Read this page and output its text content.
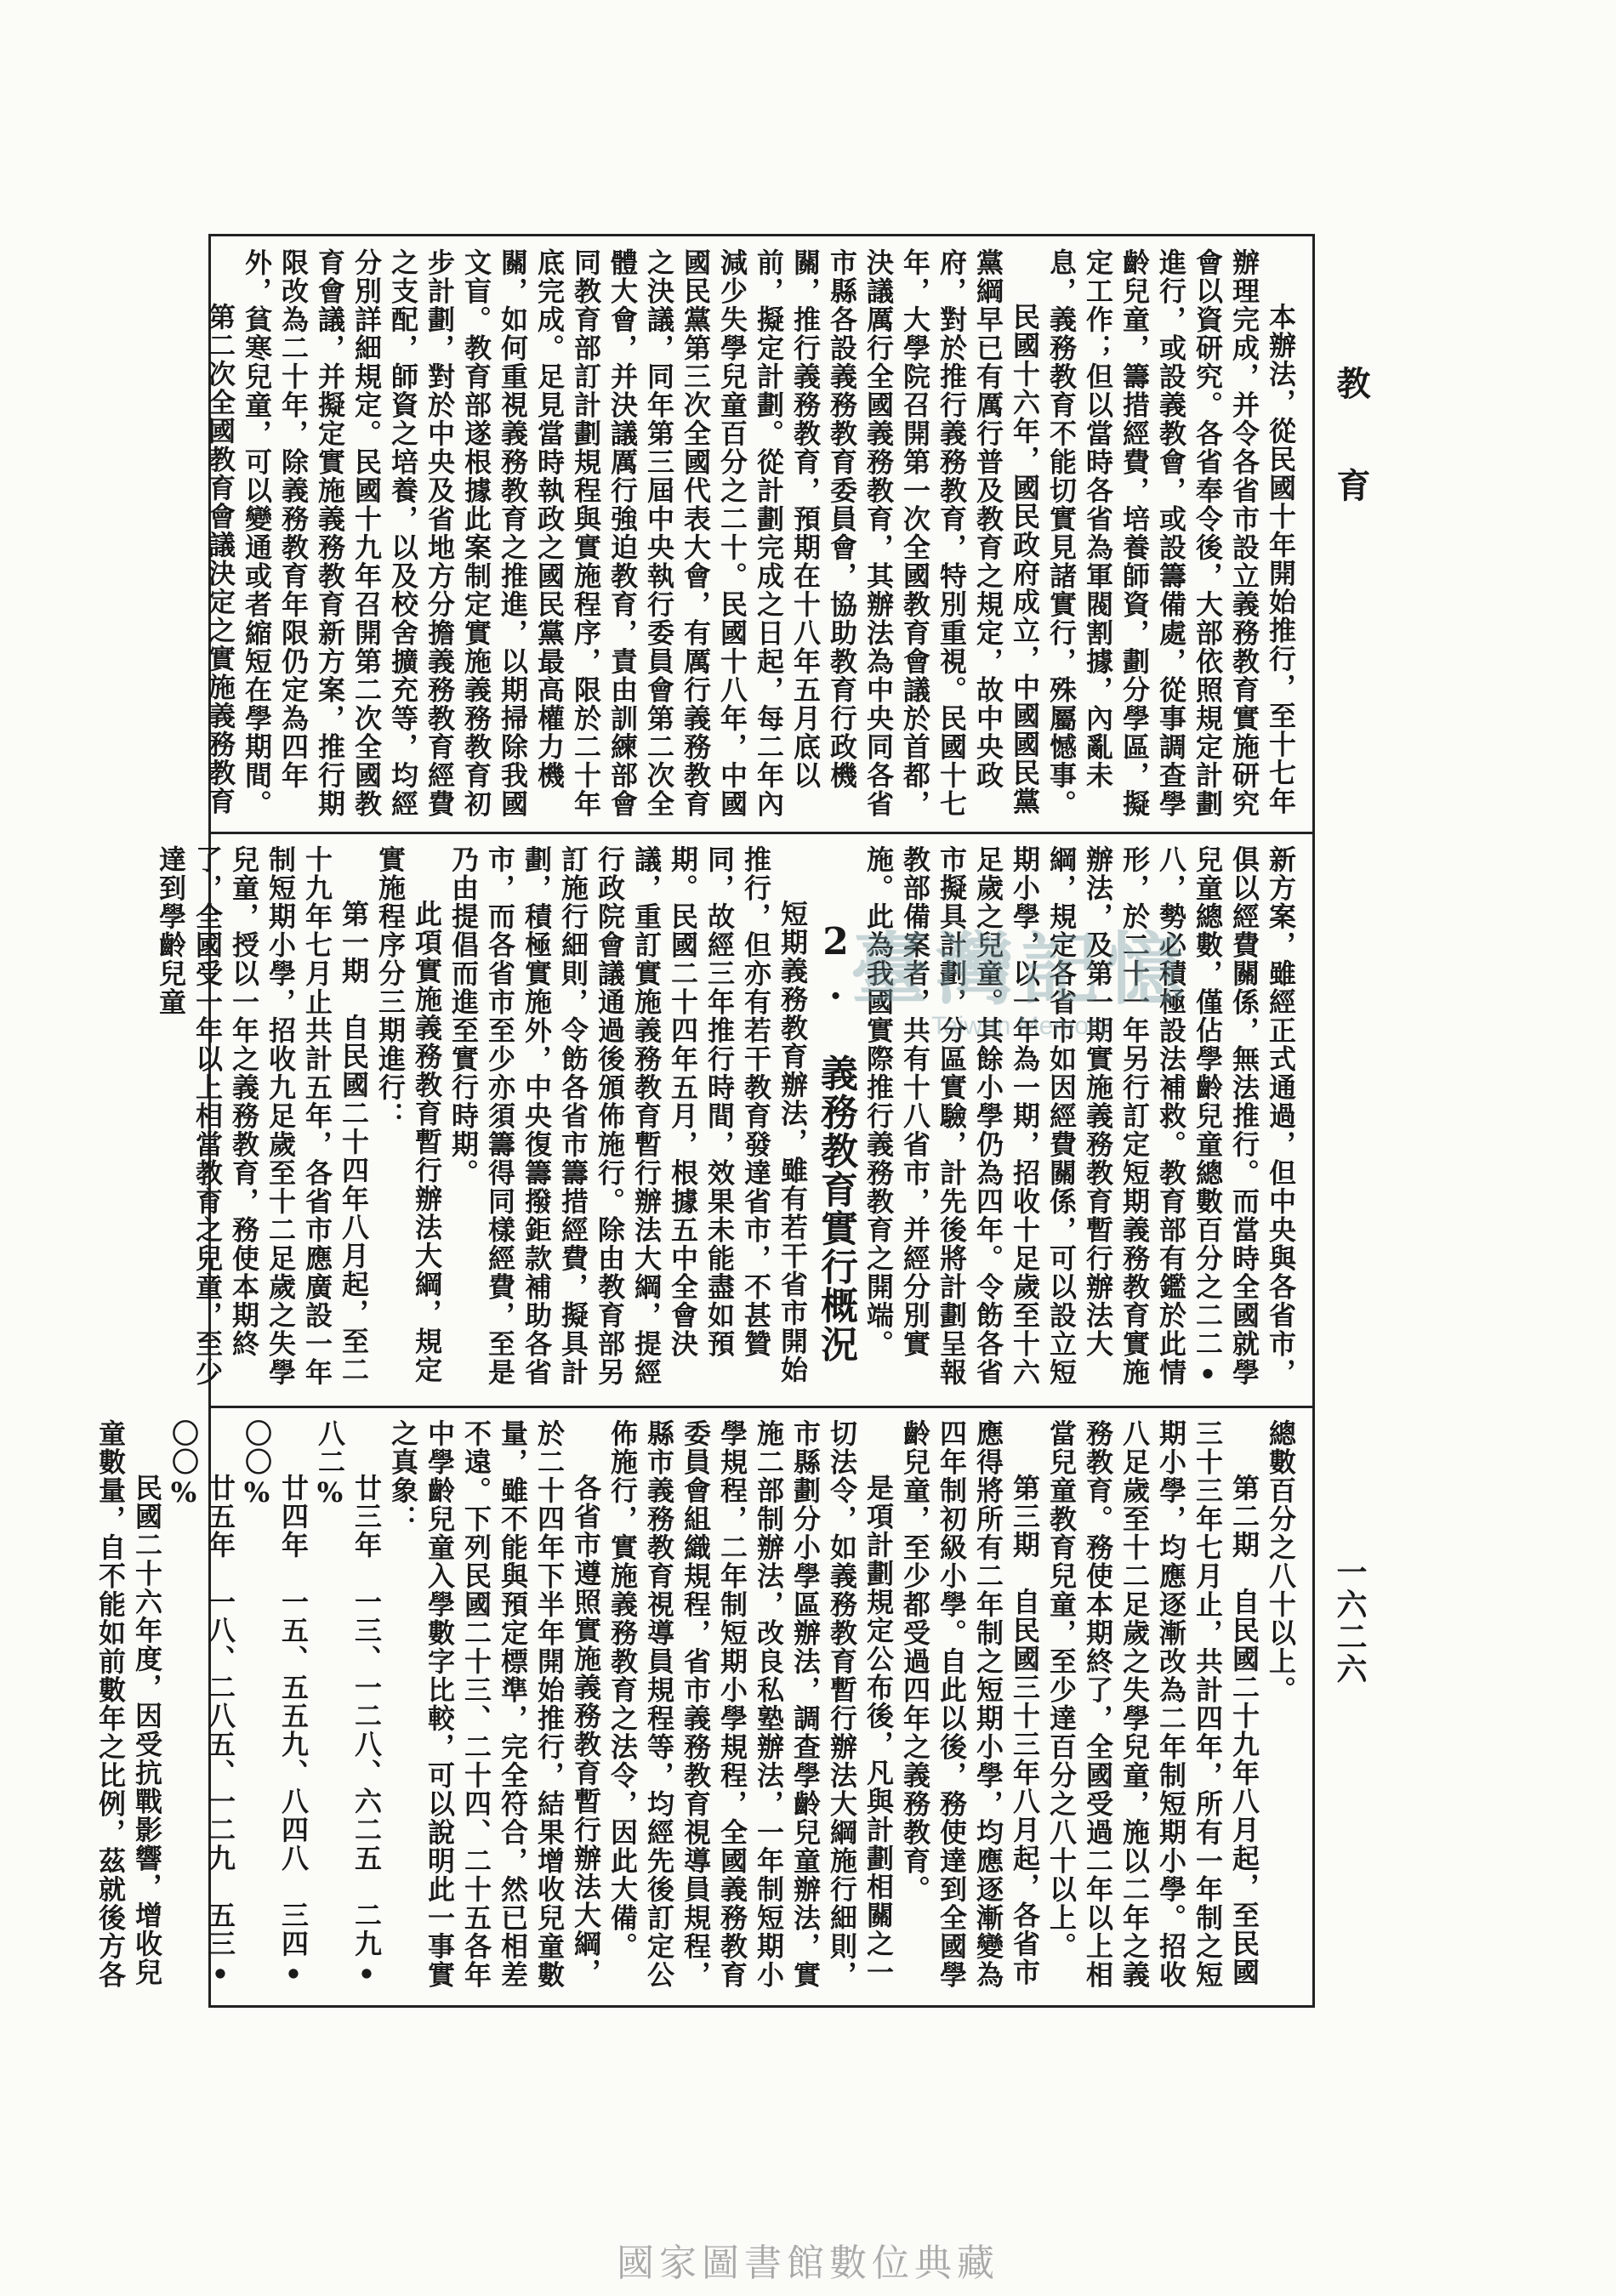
教育
一六二六

本辦法，從民國十年開始推行，至十七年辦理完成，并令各省市設立義務教育實施研究會以資研究。各省奉令後，大部依照規定計劃進行，或設義教會，或設籌備處，從事調查學齡兒童，籌措經費，培養師資，劃分學區，擬定工作；但以當時各省為軍閥割據，內亂未息，義務教育不能切實見諸實行，殊屬憾事。

民國十六年，國民政府成立，中國國民黨黨綱早已有厲行普及教育之規定，故中央政府，對於推行義務教育，特別重視。民國十七年，大學院召開第一次全國教育會議於首都，決議厲行全國義務教育，其辦法為中央同各省市縣各設義務教育委員會，協助教育行政機關，推行義務教育，預期在十八年五月底以前，擬定計劃。從計劃完成之日起，每二年內減少失學兒童百分之二十。民國十八年，中國國民黨第三次全國代表大會，有厲行義務教育之決議，同年第三屆中央執行委員會第二次全體大會，并決議厲行強迫教育，責由訓練部會同教育部訂計劃規程與實施程序，限於二十年底完成。足見當時執政之國民黨最高權力機關，如何重視義務教育之推進，以期掃除我國文盲。教育部遂根據此案制定實施義務教育初步計劃，對於中央及省地方分擔義務教育經費之支配，師資之培養，以及校舍擴充等，均經分別詳細規定。民國十九年召開第二次全國教育會議，并擬定實施義務教育新方案，推行期限改為二十年，除義務教育年限仍定為四年外，貧寒兒童，可以變通或者縮短在學期間。

第二次全國教育會議決定之實施義務教育

新方案，雖經正式通過，但中央與各省市，俱以經費關係，無法推行。而當時全國就學兒童總數，僅佔學齡兒童總數百分之二二•八，勢必積極設法補救。教育部有鑑於此情形，於二十一年另行訂定短期義務教育實施辦法，及第一期實施義務教育暫行辦法大綱，規定各省市如因經費關係，可以設立短期小學，以一年為一期，招收十足歲至十六足歲之兒童。其餘小學仍為四年。令飭各省市擬具計劃，分區實驗，計先後將計劃呈報教部備案者，共有十八省市，并經分別實施。此為我國實際推行義務教育之開端。

2. 義務教育實行概況

短期義務教育辦法，雖有若干省市開始推行，但亦有若干教育發達省市，不甚贊同，故經三年推行時間，效果未能盡如預期。民國二十四年五月，根據五中全會決議，重訂實施義務教育暫行辦法大綱，提經行政院會議通過後頒佈施行。除由教育部另訂施行細則，令飭各省市籌措經費，擬具計劃，積極實施外，中央復籌撥鉅款補助各省市，而各省市至少亦須籌得同樣經費，至是乃由提倡而進至實行時期。

此項實施義務教育暫行辦法大綱，規定實施程序分三期進行：

第一期　自民國二十四年八月起，至二十九年七月止共計五年，各省市應廣設一年制短期小學，招收九足歲至十二足歲之失學兒童，授以一年之義務教育，務使本期終了，全國受一年以上相當教育之兒童，至少達到學齡兒童

總數百分之八十以上。

第二期　自民國二十九年八月起，至民國三十三年七月止，共計四年，所有一年制之短期小學，均應逐漸改為二年制短期小學。招收八足歲至十二足歲之失學兒童，施以二年之義務教育。務使本期終了，全國受過二年以上相當兒童教育兒童，至少達百分之八十以上。

第三期　自民國三十三年八月起，各省市應得將所有二年制之短期小學，均應逐漸變為四年制初級小學。自此以後，務使達到全國學齡兒童，至少都受過四年之義務教育。

是項計劃規定公布後，凡與計劃相關之一切法令，如義務教育暫行辦法大綱施行細則，市縣劃分小學區辦法，調查學齡兒童辦法，實施二部制辦法，改良私塾辦法，一年制短期小學規程，二年制短期小學規程，全國義務教育委員會組織規程，省市義務教育視導員規程，縣市義務教育視導員規程等，均經先後訂定公佈施行，實施義務教育之法令，因此大備。

各省市遵照實施義務教育暫行辦法大綱，於二十四年下半年開始推行，結果增收兒童數量，雖不能與預定標準，完全符合，然已相差不遠。下列民國二十三、二十四、二十五各年中學齡兒童入學數字比較，可以說明此一事實之真象：

廿三年　一三、一二八、六二五　二九•八二%

廿四年　一五、五五九、八四八　三四•〇〇%

廿五年　一八、二八五、一二九　五三•〇〇%

民國二十六年度，因受抗戰影響，增收兒童數量，自不能如前數年之比例，茲就後方各

臺灣記憶
Taiwan Memory
國家圖書館數位典藏
